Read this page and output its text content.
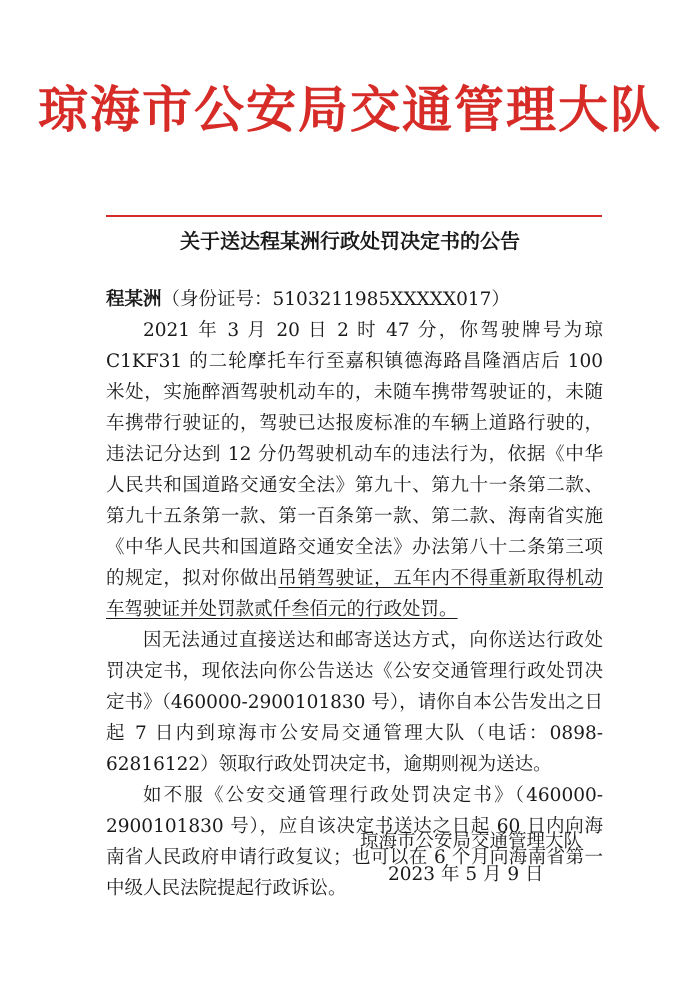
琼海市公安局交通管理大队
关于送达程某洲行政处罚决定书的公告

程某洲（身份证号：5103211985XXXXX017）

2021 年 3 月 20 日 2 时 47 分，你驾驶牌号为琼 C1KF31 的二轮摩托车行至嘉积镇德海路昌隆酒店后 100 米处，实施醉酒驾驶机动车的，未随车携带驾驶证的，未随车携带行驶证的，驾驶已达报废标准的车辆上道路行驶的，违法记分达到 12 分仍驾驶机动车的违法行为，依据《中华人民共和国道路交通安全法》第九十、第九十一条第二款、第九十五条第一款、第一百条第一款、第二款、海南省实施《中华人民共和国道路交通安全法》办法第八十二条第三项的规定，拟对你做出吊销驾驶证，五年内不得重新取得机动车驾驶证并处罚款贰仟叁佰元的行政处罚。

因无法通过直接送达和邮寄送达方式，向你送达行政处罚决定书，现依法向你公告送达《公安交通管理行政处罚决定书》（460000-2900101830 号），请你自本公告发出之日起 7 日内到琼海市公安局交通管理大队（电话：0898-62816122）领取行政处罚决定书，逾期则视为送达。

如不服《公安交通管理行政处罚决定书》（460000-2900101830 号），应自该决定书送达之日起 60 日内向海南省人民政府申请行政复议；也可以在 6 个月向海南省第一中级人民法院提起行政诉讼。

琼海市公安局交通管理大队
2023 年 5 月 9 日
